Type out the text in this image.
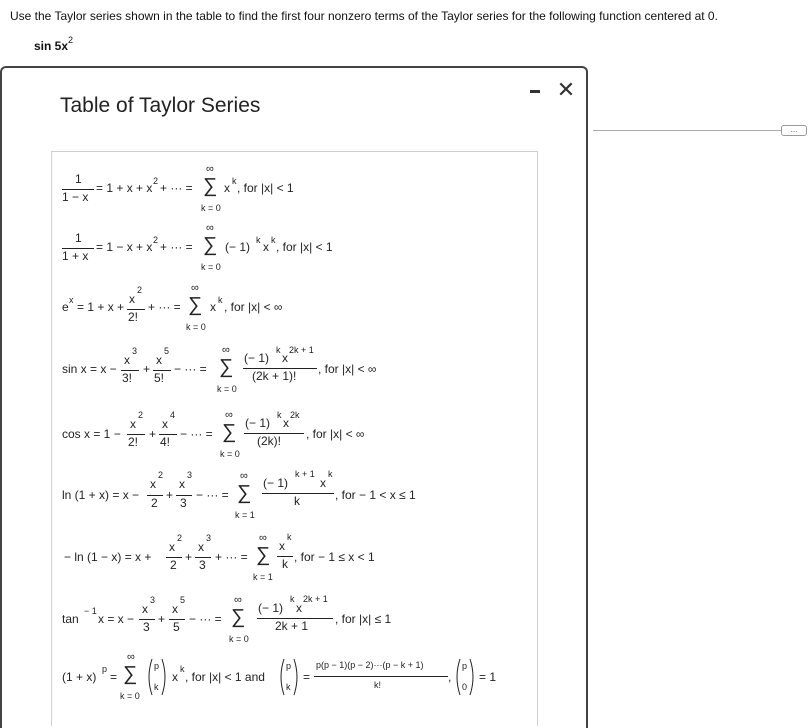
Use the Taylor series shown in the table to find the first four nonzero terms of the Taylor series for the following function centered at 0.
$\sin 5x^2$
...
Table of Taylor Series
✕
1
1 − x
= 1 + x + x 2 + ··· =
∞
∑
k = 0
x k , for |x| < 1
1
1 + x
= 1 − x + x 2 + ··· =
∞
∑
k = 0
(− 1) k x k , for |x| < 1
e x = 1 + x +
x
2
2!
+ ··· =
∞
∑
k = 0
x k , for |x| < ∞
sin x = x −
x
3
3!
+
x
5
5!
− ··· =
∞
∑
k = 0
(− 1)
k
x
2k + 1
(2k + 1)! , for |x| < ∞
cos x = 1 −
x
2
2!
+
x
4
4!
− ··· =
∞
∑
k = 0
(− 1)
k
x
2k
(2k)! , for |x| < ∞
ln (1 + x) = x −
x
2
2
+
x
3
3
− ··· =
∞
∑
k = 1
(− 1)
k + 1
x
k
k	, for − 1 < x ≤ 1
− ln (1 − x) = x +
x
2
2
+
x
3
3
+ ··· =
∞
∑
k = 1
x
k
k , for − 1 ≤ x < 1
tan
− 1
x = x −
x
3
3
+
x
5
5
− ··· =
∞
∑
k = 0
(− 1)
k
x
2k + 1
2k + 1 , for |x| ≤ 1
(1 + x)
p
=
∞
∑
k = 0
p
k
x
k
, for |x| < 1 and
p
k
=
p(p − 1)(p − 2)···(p − k + 1)
k!
,
p
0
= 1
